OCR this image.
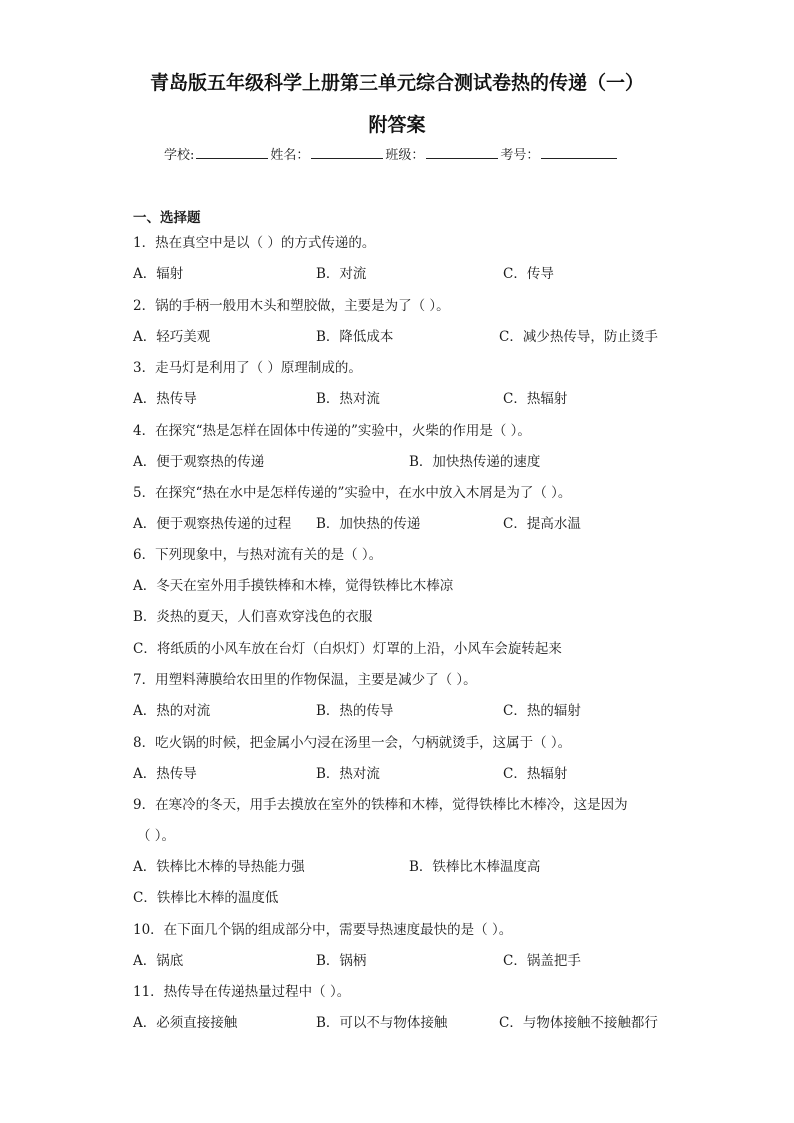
青岛版五年级科学上册第三单元综合测试卷热的传递（一）
附答案
学校:	姓名：	班级：	考号：
一、选择题
1．热在真空中是以（ ）的方式传递的。
A．辐射	B．对流	C．传导
2．锅的手柄一般用木头和塑胶做，主要是为了（ ）。
A．轻巧美观	B．降低成本	C．减少热传导，防止烫手
3．走马灯是利用了（ ）原理制成的。
A．热传导	B．热对流	C．热辐射
4．在探究“热是怎样在固体中传递的”实验中，火柴的作用是（ ）。
A．便于观察热的传递	B．加快热传递的速度
5．在探究“热在水中是怎样传递的”实验中，在水中放入木屑是为了（ ）。
A．便于观察热传递的过程 B．加快热的传递	C．提高水温
6．下列现象中，与热对流有关的是（ ）。
A．冬天在室外用手摸铁棒和木棒，觉得铁棒比木棒凉
B．炎热的夏天，人们喜欢穿浅色的衣服
C．将纸质的小风车放在台灯（白炽灯）灯罩的上沿，小风车会旋转起来
7．用塑料薄膜给农田里的作物保温，主要是减少了（ ）。
A．热的对流	B．热的传导	C．热的辐射
8．吃火锅的时候，把金属小勺浸在汤里一会，勺柄就烫手，这属于（ ）。
A．热传导	B．热对流	C．热辐射
9．在寒冷的冬天，用手去摸放在室外的铁棒和木棒，觉得铁棒比木棒冷，这是因为
（ ）。
A．铁棒比木棒的导热能力强	B．铁棒比木棒温度高
C．铁棒比木棒的温度低
10．在下面几个锅的组成部分中，需要导热速度最快的是（ ）。
A．锅底	B．锅柄	C．锅盖把手
11．热传导在传递热量过程中（ ）。
A．必须直接接触	B．可以不与物体接触	C．与物体接触不接触都行
